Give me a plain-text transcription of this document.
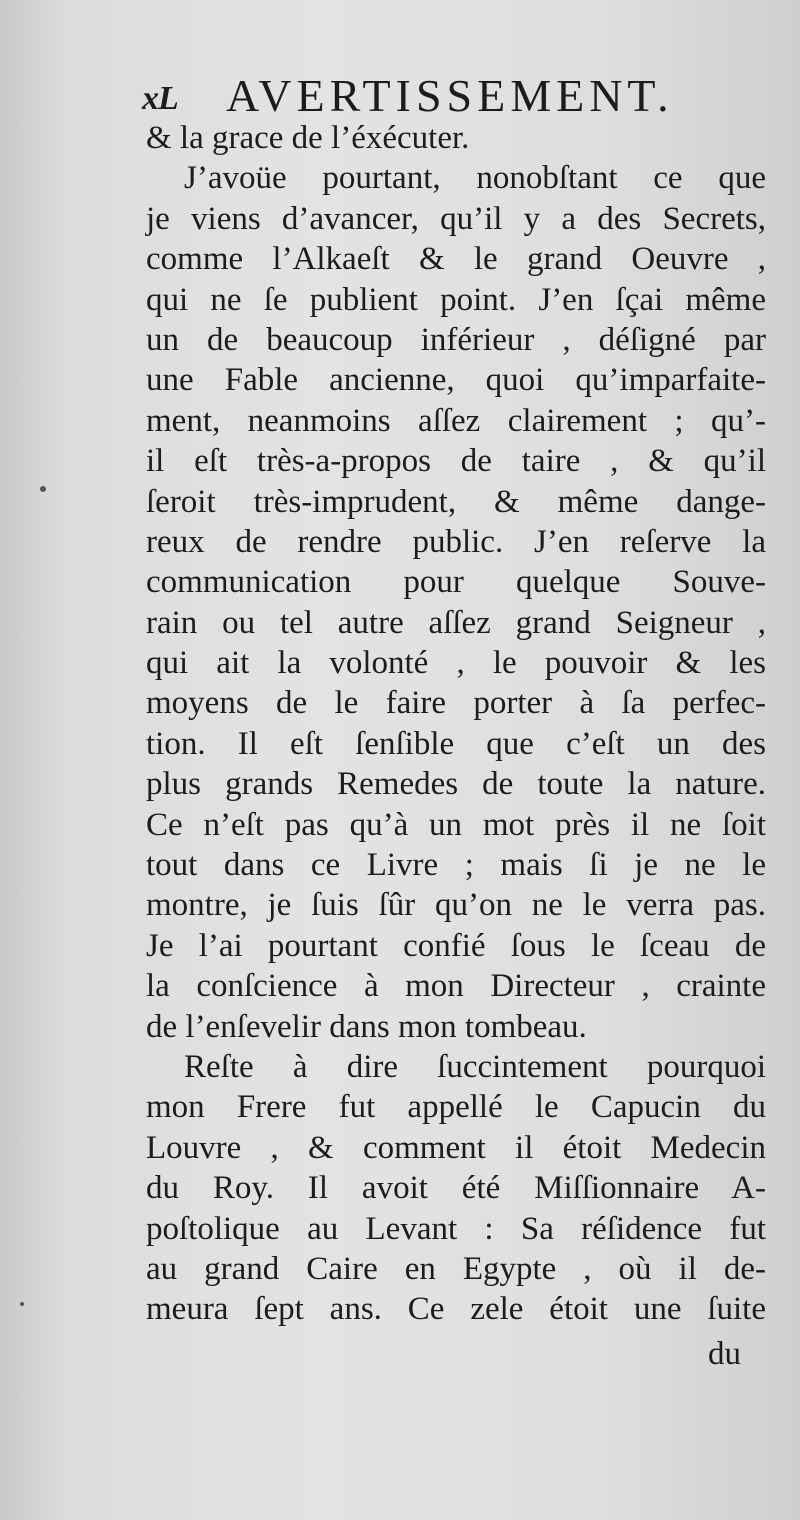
xL AVERTISSEMENT.
& la grace de l’éxécuter.
J’avoüe pourtant, nonobſtant ce que
je viens d’avancer, qu’il y a des Secrets,
comme l’Alkaeſt & le grand Oeuvre ,
qui ne ſe publient point. J’en ſçai même
un de beaucoup inférieur , déſigné par
une Fable ancienne, quoi qu’imparfaite-
ment, neanmoins aſſez clairement ; qu’-
il eſt très-a-propos de taire , & qu’il
ſeroit très-imprudent, & même dange-
reux de rendre public. J’en reſerve la
communication pour quelque Souve-
rain ou tel autre aſſez grand Seigneur ,
qui ait la volonté , le pouvoir & les
moyens de le faire porter à ſa perfec-
tion. Il eſt ſenſible que c’eſt un des
plus grands Remedes de toute la nature.
Ce n’eſt pas qu’à un mot près il ne ſoit
tout dans ce Livre ; mais ſi je ne le
montre, je ſuis ſûr qu’on ne le verra pas.
Je l’ai pourtant confié ſous le ſceau de
la conſcience à mon Directeur , crainte
de l’enſevelir dans mon tombeau.
Reſte à dire ſuccintement pourquoi
mon Frere fut appellé le Capucin du
Louvre , & comment il étoit Medecin
du Roy. Il avoit été Miſſionnaire A-
poſtolique au Levant : Sa réſidence fut
au grand Caire en Egypte , où il de-
meura ſept ans. Ce zele étoit une ſuite
du
